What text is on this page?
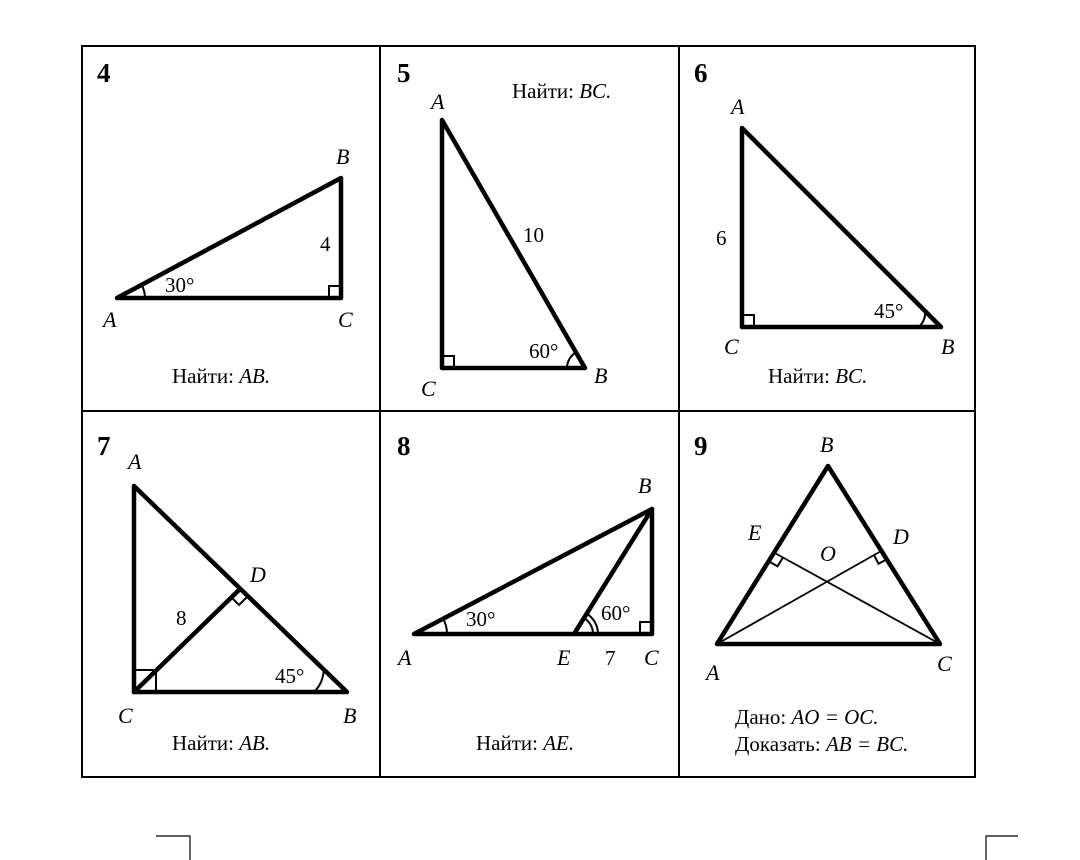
4
30°
4
A
B
C
Найти: AB.
5
Найти: BC.
60°
10
A
B
C
6
45°
6
A
B
C
Найти: BC.
7
45°
8
A
B
C
D
Найти: AB.
8
30°	60°
7
A
B
C
E
Найти: AE.
9	B
E	D
O
A	C
Дано: AO = OC.
Доказать: AB = BC.
